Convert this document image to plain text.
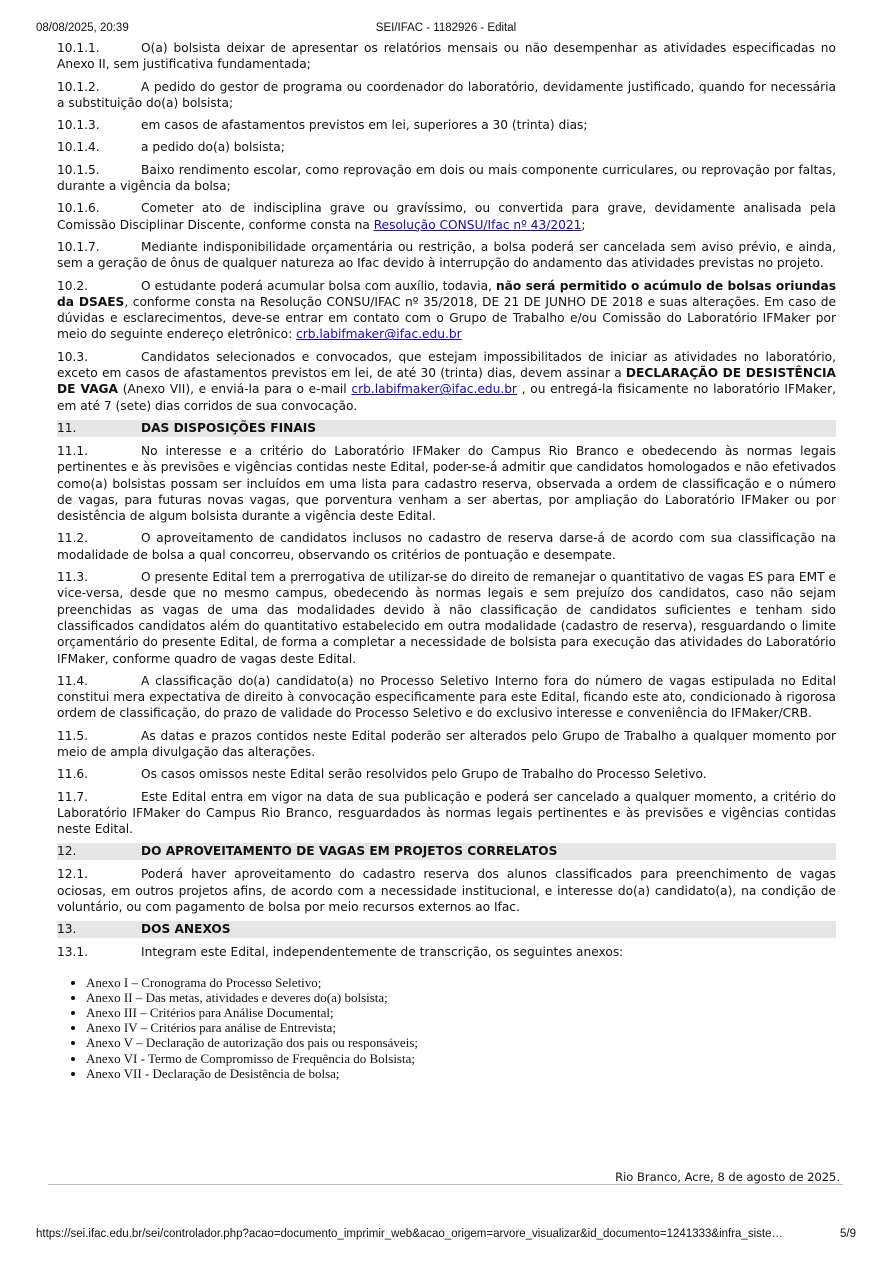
08/08/2025, 20:39	SEI/IFAC - 1182926 - Edital

10.1.1.	O(a) bolsista deixar de apresentar os relatórios mensais ou não desempenhar as atividades especificadas no Anexo II, sem justificativa fundamentada;

10.1.2.	A pedido do gestor de programa ou coordenador do laboratório, devidamente justificado, quando for necessária a substituição do(a) bolsista;

10.1.3.	em casos de afastamentos previstos em lei, superiores a 30 (trinta) dias;

10.1.4.	a pedido do(a) bolsista;

10.1.5.	Baixo rendimento escolar, como reprovação em dois ou mais componente curriculares, ou reprovação por faltas, durante a vigência da bolsa;

10.1.6.	Cometer ato de indisciplina grave ou gravíssimo, ou convertida para grave, devidamente analisada pela Comissão Disciplinar Discente, conforme consta na Resolução CONSU/Ifac nº 43/2021;

10.1.7.	Mediante indisponibilidade orçamentária ou restrição, a bolsa poderá ser cancelada sem aviso prévio, e ainda, sem a geração de ônus de qualquer natureza ao Ifac devido à interrupção do andamento das atividades previstas no projeto.

10.2.	O estudante poderá acumular bolsa com auxílio, todavia, não será permitido o acúmulo de bolsas oriundas da DSAES, conforme consta na Resolução CONSU/IFAC nº 35/2018, DE 21 DE JUNHO DE 2018 e suas alterações. Em caso de dúvidas e esclarecimentos, deve-se entrar em contato com o Grupo de Trabalho e/ou Comissão do Laboratório IFMaker por meio do seguinte endereço eletrônico: crb.labifmaker@ifac.edu.br

10.3.	Candidatos selecionados e convocados, que estejam impossibilitados de iniciar as atividades no laboratório, exceto em casos de afastamentos previstos em lei, de até 30 (trinta) dias, devem assinar a DECLARAÇÃO DE DESISTÊNCIA DE VAGA (Anexo VII), e enviá-la para o e-mail crb.labifmaker@ifac.edu.br , ou entregá-la fisicamente no laboratório IFMaker, em até 7 (sete) dias corridos de sua convocação.

11.	DAS DISPOSIÇÕES FINAIS

11.1.	No interesse e a critério do Laboratório IFMaker do Campus Rio Branco e obedecendo às normas legais pertinentes e às previsões e vigências contidas neste Edital, poder-se-á admitir que candidatos homologados e não efetivados como(a) bolsistas possam ser incluídos em uma lista para cadastro reserva, observada a ordem de classificação e o número de vagas, para futuras novas vagas, que porventura venham a ser abertas, por ampliação do Laboratório IFMaker ou por desistência de algum bolsista durante a vigência deste Edital.

11.2.	O aproveitamento de candidatos inclusos no cadastro de reserva darse-á de acordo com sua classificação na modalidade de bolsa a qual concorreu, observando os critérios de pontuação e desempate.

11.3.	O presente Edital tem a prerrogativa de utilizar-se do direito de remanejar o quantitativo de vagas ES para EMT e vice-versa, desde que no mesmo campus, obedecendo às normas legais e sem prejuízo dos candidatos, caso não sejam preenchidas as vagas de uma das modalidades devido à não classificação de candidatos suficientes e tenham sido classificados candidatos além do quantitativo estabelecido em outra modalidade (cadastro de reserva), resguardando o limite orçamentário do presente Edital, de forma a completar a necessidade de bolsista para execução das atividades do Laboratório IFMaker, conforme quadro de vagas deste Edital.

11.4.	A classificação do(a) candidato(a) no Processo Seletivo Interno fora do número de vagas estipulada no Edital constitui mera expectativa de direito à convocação especificamente para este Edital, ficando este ato, condicionado à rigorosa ordem de classificação, do prazo de validade do Processo Seletivo e do exclusivo interesse e conveniência do IFMaker/CRB.

11.5.	As datas e prazos contidos neste Edital poderão ser alterados pelo Grupo de Trabalho a qualquer momento por meio de ampla divulgação das alterações.

11.6.	Os casos omissos neste Edital serão resolvidos pelo Grupo de Trabalho do Processo Seletivo.

11.7.	Este Edital entra em vigor na data de sua publicação e poderá ser cancelado a qualquer momento, a critério do Laboratório IFMaker do Campus Rio Branco, resguardados às normas legais pertinentes e às previsões e vigências contidas neste Edital.

12.	DO APROVEITAMENTO DE VAGAS EM PROJETOS CORRELATOS

12.1.	Poderá haver aproveitamento do cadastro reserva dos alunos classificados para preenchimento de vagas ociosas, em outros projetos afins, de acordo com a necessidade institucional, e interesse do(a) candidato(a), na condição de voluntário, ou com pagamento de bolsa por meio recursos externos ao Ifac.

13.	DOS ANEXOS

13.1.	Integram este Edital, independentemente de transcrição, os seguintes anexos:

• Anexo I – Cronograma do Processo Seletivo;
• Anexo II – Das metas, atividades e deveres do(a) bolsista;
• Anexo III – Critérios para Análise Documental;
• Anexo IV – Critérios para análise de Entrevista;
• Anexo V – Declaração de autorização dos pais ou responsáveis;
• Anexo VI - Termo de Compromisso de Frequência do Bolsista;
• Anexo VII - Declaração de Desistência de bolsa;
Rio Branco, Acre, 8 de agosto de 2025.
https://sei.ifac.edu.br/sei/controlador.php?acao=documento_imprimir_web&acao_origem=arvore_visualizar&id_documento=1241333&infra_siste…	5/9
